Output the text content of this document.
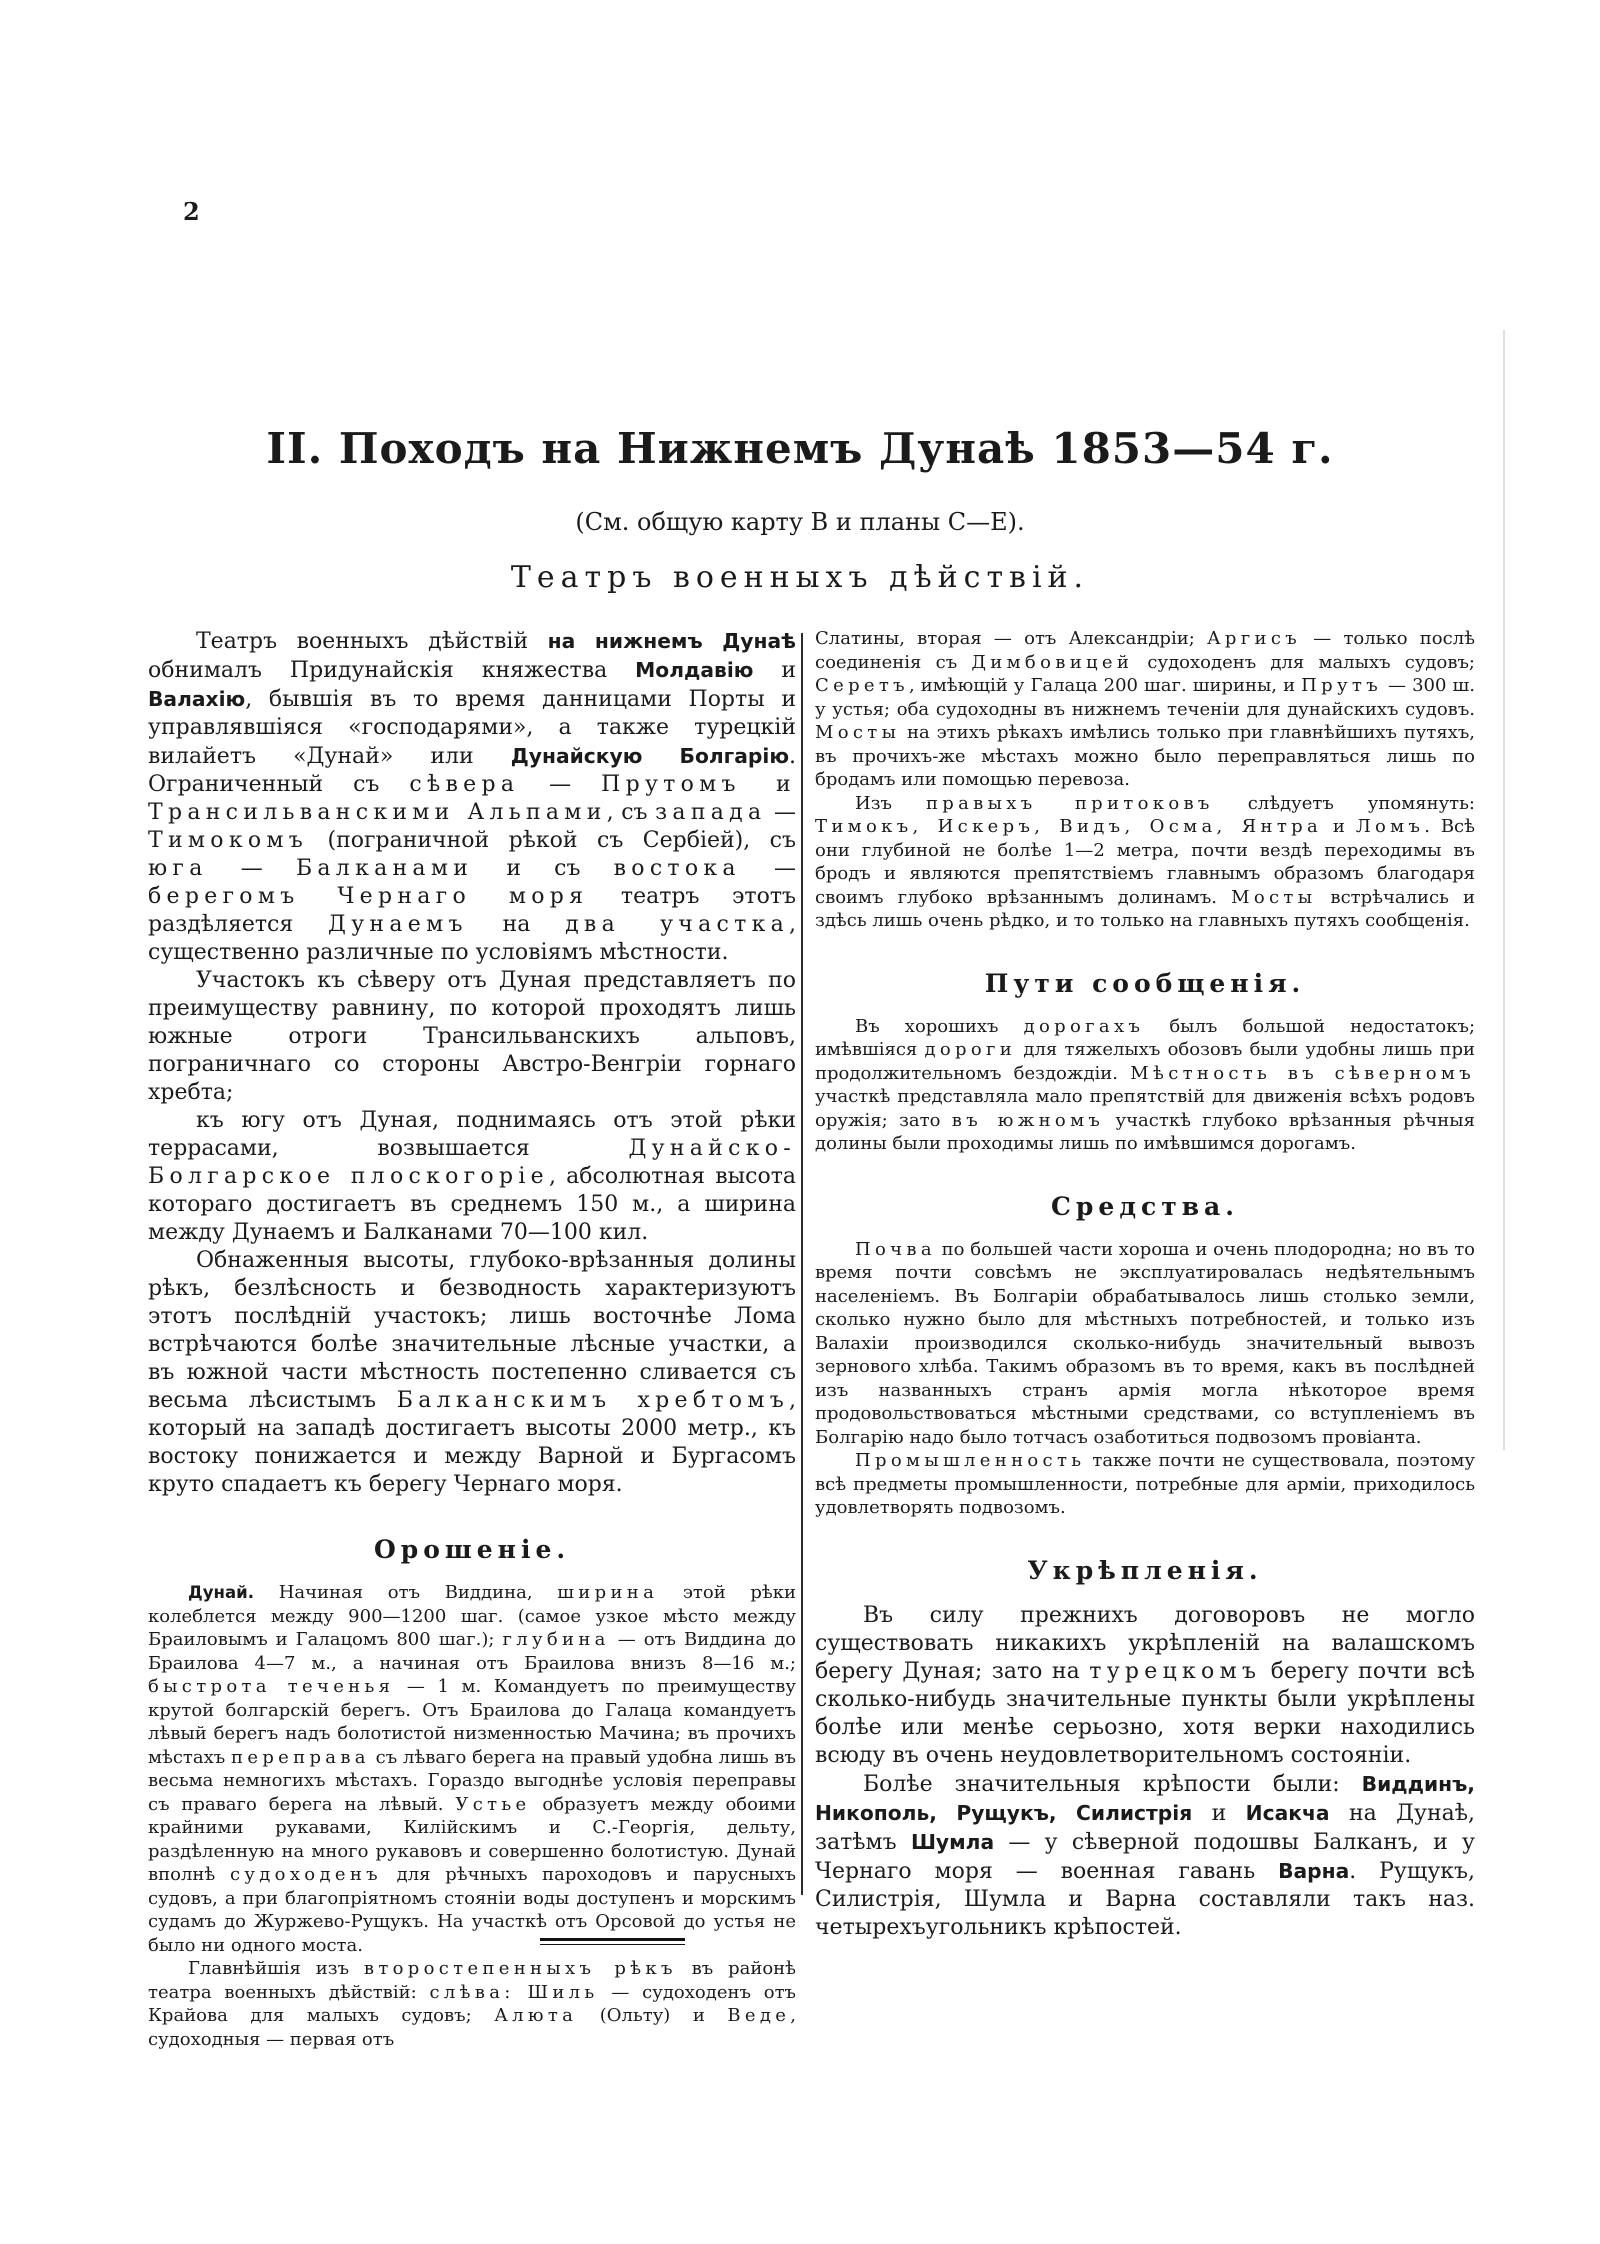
2
II. Походъ на Нижнемъ Дунаѣ 1853—54 г.
(См. общую карту B и планы C—E).
Театръ военныхъ дѣйствій.

Театръ военныхъ дѣйствій на нижнемъ Дунаѣ обнималъ Придунайскія княжества Молдавію и Валахію, бывшія въ то время данницами Порты и управлявшіяся «господарями», а также турецкій вилайетъ «Дунай» или Дунайскую Болгарію. Ограниченный съ сѣвера — Прутомъ и Трансильванскими Альпами, съ запада — Тимокомъ (пограничной рѣкой съ Сербіей), съ юга — Балканами и съ востока — берегомъ Чернаго моря театръ этотъ раздѣляется Дунаемъ на два участка, существенно различные по условіямъ мѣстности.

Участокъ къ сѣверу отъ Дуная представляетъ по преимуществу равнину, по которой проходятъ лишь южные отроги Трансильванскихъ альповъ, пограничнаго со стороны Австро-Венгріи горнаго хребта;

къ югу отъ Дуная, поднимаясь отъ этой рѣки террасами, возвышается Дунайско-Болгарское плоскогоріе, абсолютная высота котораго достигаетъ въ среднемъ 150 м., а ширина между Дунаемъ и Балканами 70—100 кил.

Обнаженныя высоты, глубоко-врѣзанныя долины рѣкъ, безлѣсность и безводность характеризуютъ этотъ послѣдній участокъ; лишь восточнѣе Лома встрѣчаются болѣе значительные лѣсные участки, а въ южной части мѣстность постепенно сливается съ весьма лѣсистымъ Балканскимъ хребтомъ, который на западѣ достигаетъ высоты 2000 метр., къ востоку понижается и между Варной и Бургасомъ круто спадаетъ къ берегу Чернаго моря.

Орошеніе.

Дунай. Начиная отъ Виддина, ширина этой рѣки колеблется между 900—1200 шаг. (самое узкое мѣсто между Браиловымъ и Галацомъ 800 шаг.); глубина — отъ Виддина до Браилова 4—7 м., а начиная отъ Браилова внизъ 8—16 м.; быстрота теченья — 1 м. Командуетъ по преимуществу крутой болгарскій берегъ. Отъ Браилова до Галаца командуетъ лѣвый берегъ надъ болотистой низменностью Мачина; въ прочихъ мѣстахъ переправа съ лѣваго берега на правый удобна лишь въ весьма немногихъ мѣстахъ. Гораздо выгоднѣе условія переправы съ праваго берега на лѣвый. Устье образуетъ между обоими крайними рукавами, Килійскимъ и С.-Георгія, дельту, раздѣленную на много рукавовъ и совершенно болотистую. Дунай вполнѣ судоходенъ для рѣчныхъ пароходовъ и парусныхъ судовъ, а при благопріятномъ стояніи воды доступенъ и морскимъ судамъ до Журжево-Рущукъ. На участкѣ отъ Орсовой до устья не было ни одного моста.

Главнѣйшія изъ второстепенныхъ рѣкъ въ районѣ театра военныхъ дѣйствій: слѣва: Шиль — судоходенъ отъ Крайова для малыхъ судовъ; Алюта (Ольту) и Веде, судоходныя — первая отъ

Слатины, вторая — отъ Александріи; Аргисъ — только послѣ соединенія съ Димбовицей судоходенъ для малыхъ судовъ; Серетъ, имѣющій у Галаца 200 шаг. ширины, и Прутъ — 300 ш. у устья; оба судоходны въ нижнемъ теченіи для дунайскихъ судовъ. Мосты на этихъ рѣкахъ имѣлись только при главнѣйшихъ путяхъ, въ прочихъ-же мѣстахъ можно было переправляться лишь по бродамъ или помощью перевоза.

Изъ правыхъ притоковъ слѣдуетъ упомянуть: Тимокъ, Искеръ, Видъ, Осма, Янтра и Ломъ. Всѣ они глубиной не болѣе 1—2 метра, почти вездѣ переходимы въ бродъ и являются препятствіемъ главнымъ образомъ благодаря своимъ глубоко врѣзаннымъ долинамъ. Мосты встрѣчались и здѣсь лишь очень рѣдко, и то только на главныхъ путяхъ сообщенія.

Пути сообщенія.

Въ хорошихъ дорогахъ былъ большой недостатокъ; имѣвшіяся дороги для тяжелыхъ обозовъ были удобны лишь при продолжительномъ бездождіи. Мѣстность въ сѣверномъ участкѣ представляла мало препятствій для движенія всѣхъ родовъ оружія; зато въ южномъ участкѣ глубоко врѣзанныя рѣчныя долины были проходимы лишь по имѣвшимся дорогамъ.

Средства.

Почва по большей части хороша и очень плодородна; но въ то время почти совсѣмъ не эксплуатировалась недѣятельнымъ населеніемъ. Въ Болгаріи обрабатывалось лишь столько земли, сколько нужно было для мѣстныхъ потребностей, и только изъ Валахіи производился сколько-нибудь значительный вывозъ зернового хлѣба. Такимъ образомъ въ то время, какъ въ послѣдней изъ названныхъ странъ армія могла нѣкоторое время продовольствоваться мѣстными средствами, со вступленіемъ въ Болгарію надо было тотчасъ озаботиться подвозомъ провіанта.

Промышленность также почти не существовала, поэтому всѣ предметы промышленности, потребные для арміи, приходилось удовлетворять подвозомъ.

Укрѣпленія.

Въ силу прежнихъ договоровъ не могло существовать никакихъ укрѣпленій на валашскомъ берегу Дуная; зато на турецкомъ берегу почти всѣ сколько-нибудь значительные пункты были укрѣплены болѣе или менѣе серьозно, хотя верки находились всюду въ очень неудовлетворительномъ состояніи.

Болѣе значительныя крѣпости были: Виддинъ, Никополь, Рущукъ, Силистрія и Исакча на Дунаѣ, затѣмъ Шумла — у сѣверной подошвы Балканъ, и у Чернаго моря — военная гавань Варна. Рущукъ, Силистрія, Шумла и Варна составляли такъ наз. четырехъугольникъ крѣпостей.
